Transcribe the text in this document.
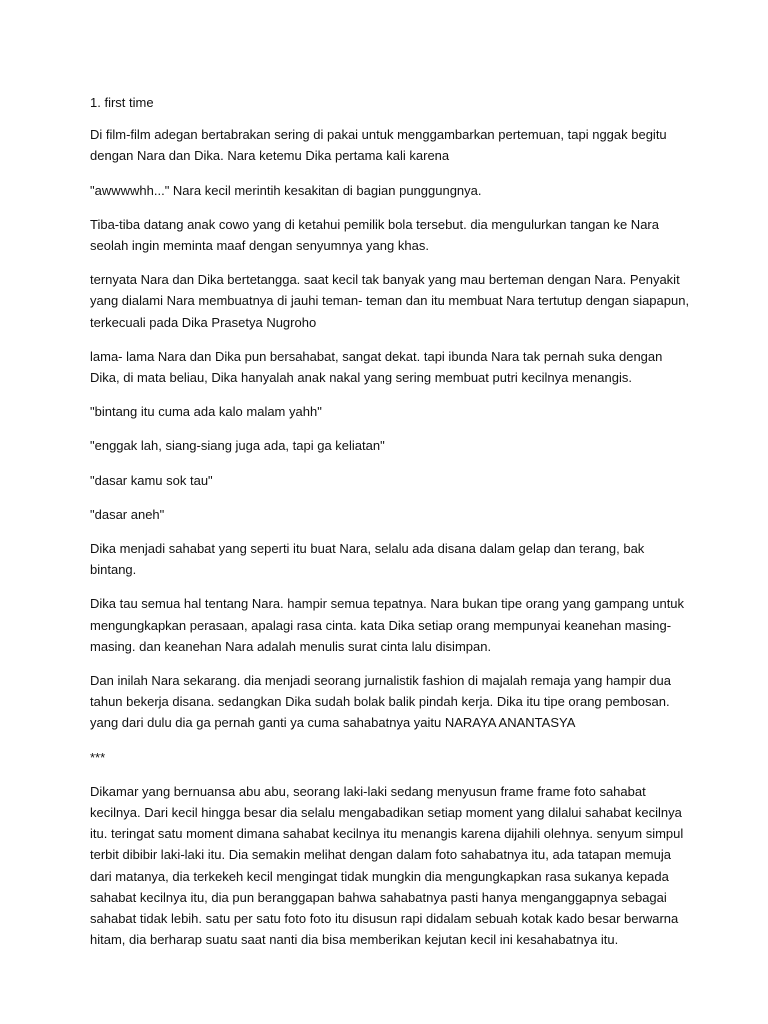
1. first time

Di film-film adegan bertabrakan sering di pakai untuk menggambarkan pertemuan, tapi nggak begitu dengan Nara dan Dika. Nara ketemu Dika pertama kali karena

"awwwwhh..." Nara kecil merintih kesakitan di bagian punggungnya.

Tiba-tiba datang anak cowo yang di ketahui pemilik bola tersebut. dia mengulurkan tangan ke Nara seolah ingin meminta maaf dengan senyumnya yang khas.

ternyata Nara dan Dika bertetangga. saat kecil tak banyak yang mau berteman dengan Nara. Penyakit yang dialami Nara membuatnya di jauhi teman- teman dan itu membuat Nara tertutup dengan siapapun, terkecuali pada Dika Prasetya Nugroho

lama- lama Nara dan Dika pun bersahabat, sangat dekat. tapi ibunda Nara tak pernah suka dengan Dika, di mata beliau, Dika hanyalah anak nakal yang sering membuat putri kecilnya menangis.

"bintang itu cuma ada kalo malam yahh"

"enggak lah, siang-siang juga ada, tapi ga keliatan"

"dasar kamu sok tau"

"dasar aneh"

Dika menjadi sahabat yang seperti itu buat Nara, selalu ada disana dalam gelap dan terang, bak bintang.

Dika tau semua hal tentang Nara. hampir semua tepatnya. Nara bukan tipe orang yang gampang untuk mengungkapkan perasaan, apalagi rasa cinta. kata Dika setiap orang mempunyai keanehan masing-masing. dan keanehan Nara adalah menulis surat cinta lalu disimpan.

Dan inilah Nara sekarang. dia menjadi seorang jurnalistik fashion di majalah remaja yang hampir dua tahun bekerja disana. sedangkan Dika sudah bolak balik pindah kerja. Dika itu tipe orang pembosan. yang dari dulu dia ga pernah ganti ya cuma sahabatnya yaitu NARAYA ANANTASYA

***

Dikamar yang bernuansa abu abu, seorang laki-laki sedang menyusun frame frame foto sahabat kecilnya. Dari kecil hingga besar dia selalu mengabadikan setiap moment yang dilalui sahabat kecilnya itu. teringat satu moment dimana sahabat kecilnya itu menangis karena dijahili olehnya. senyum simpul terbit dibibir laki-laki itu. Dia semakin melihat dengan dalam foto sahabatnya itu, ada tatapan memuja dari matanya, dia terkekeh kecil mengingat tidak mungkin dia mengungkapkan rasa sukanya kepada sahabat kecilnya itu, dia pun beranggapan bahwa sahabatnya pasti hanya menganggapnya sebagai sahabat tidak lebih. satu per satu foto foto itu disusun rapi didalam sebuah kotak kado besar berwarna hitam, dia berharap suatu saat nanti dia bisa memberikan kejutan kecil ini kesahabatnya itu.
